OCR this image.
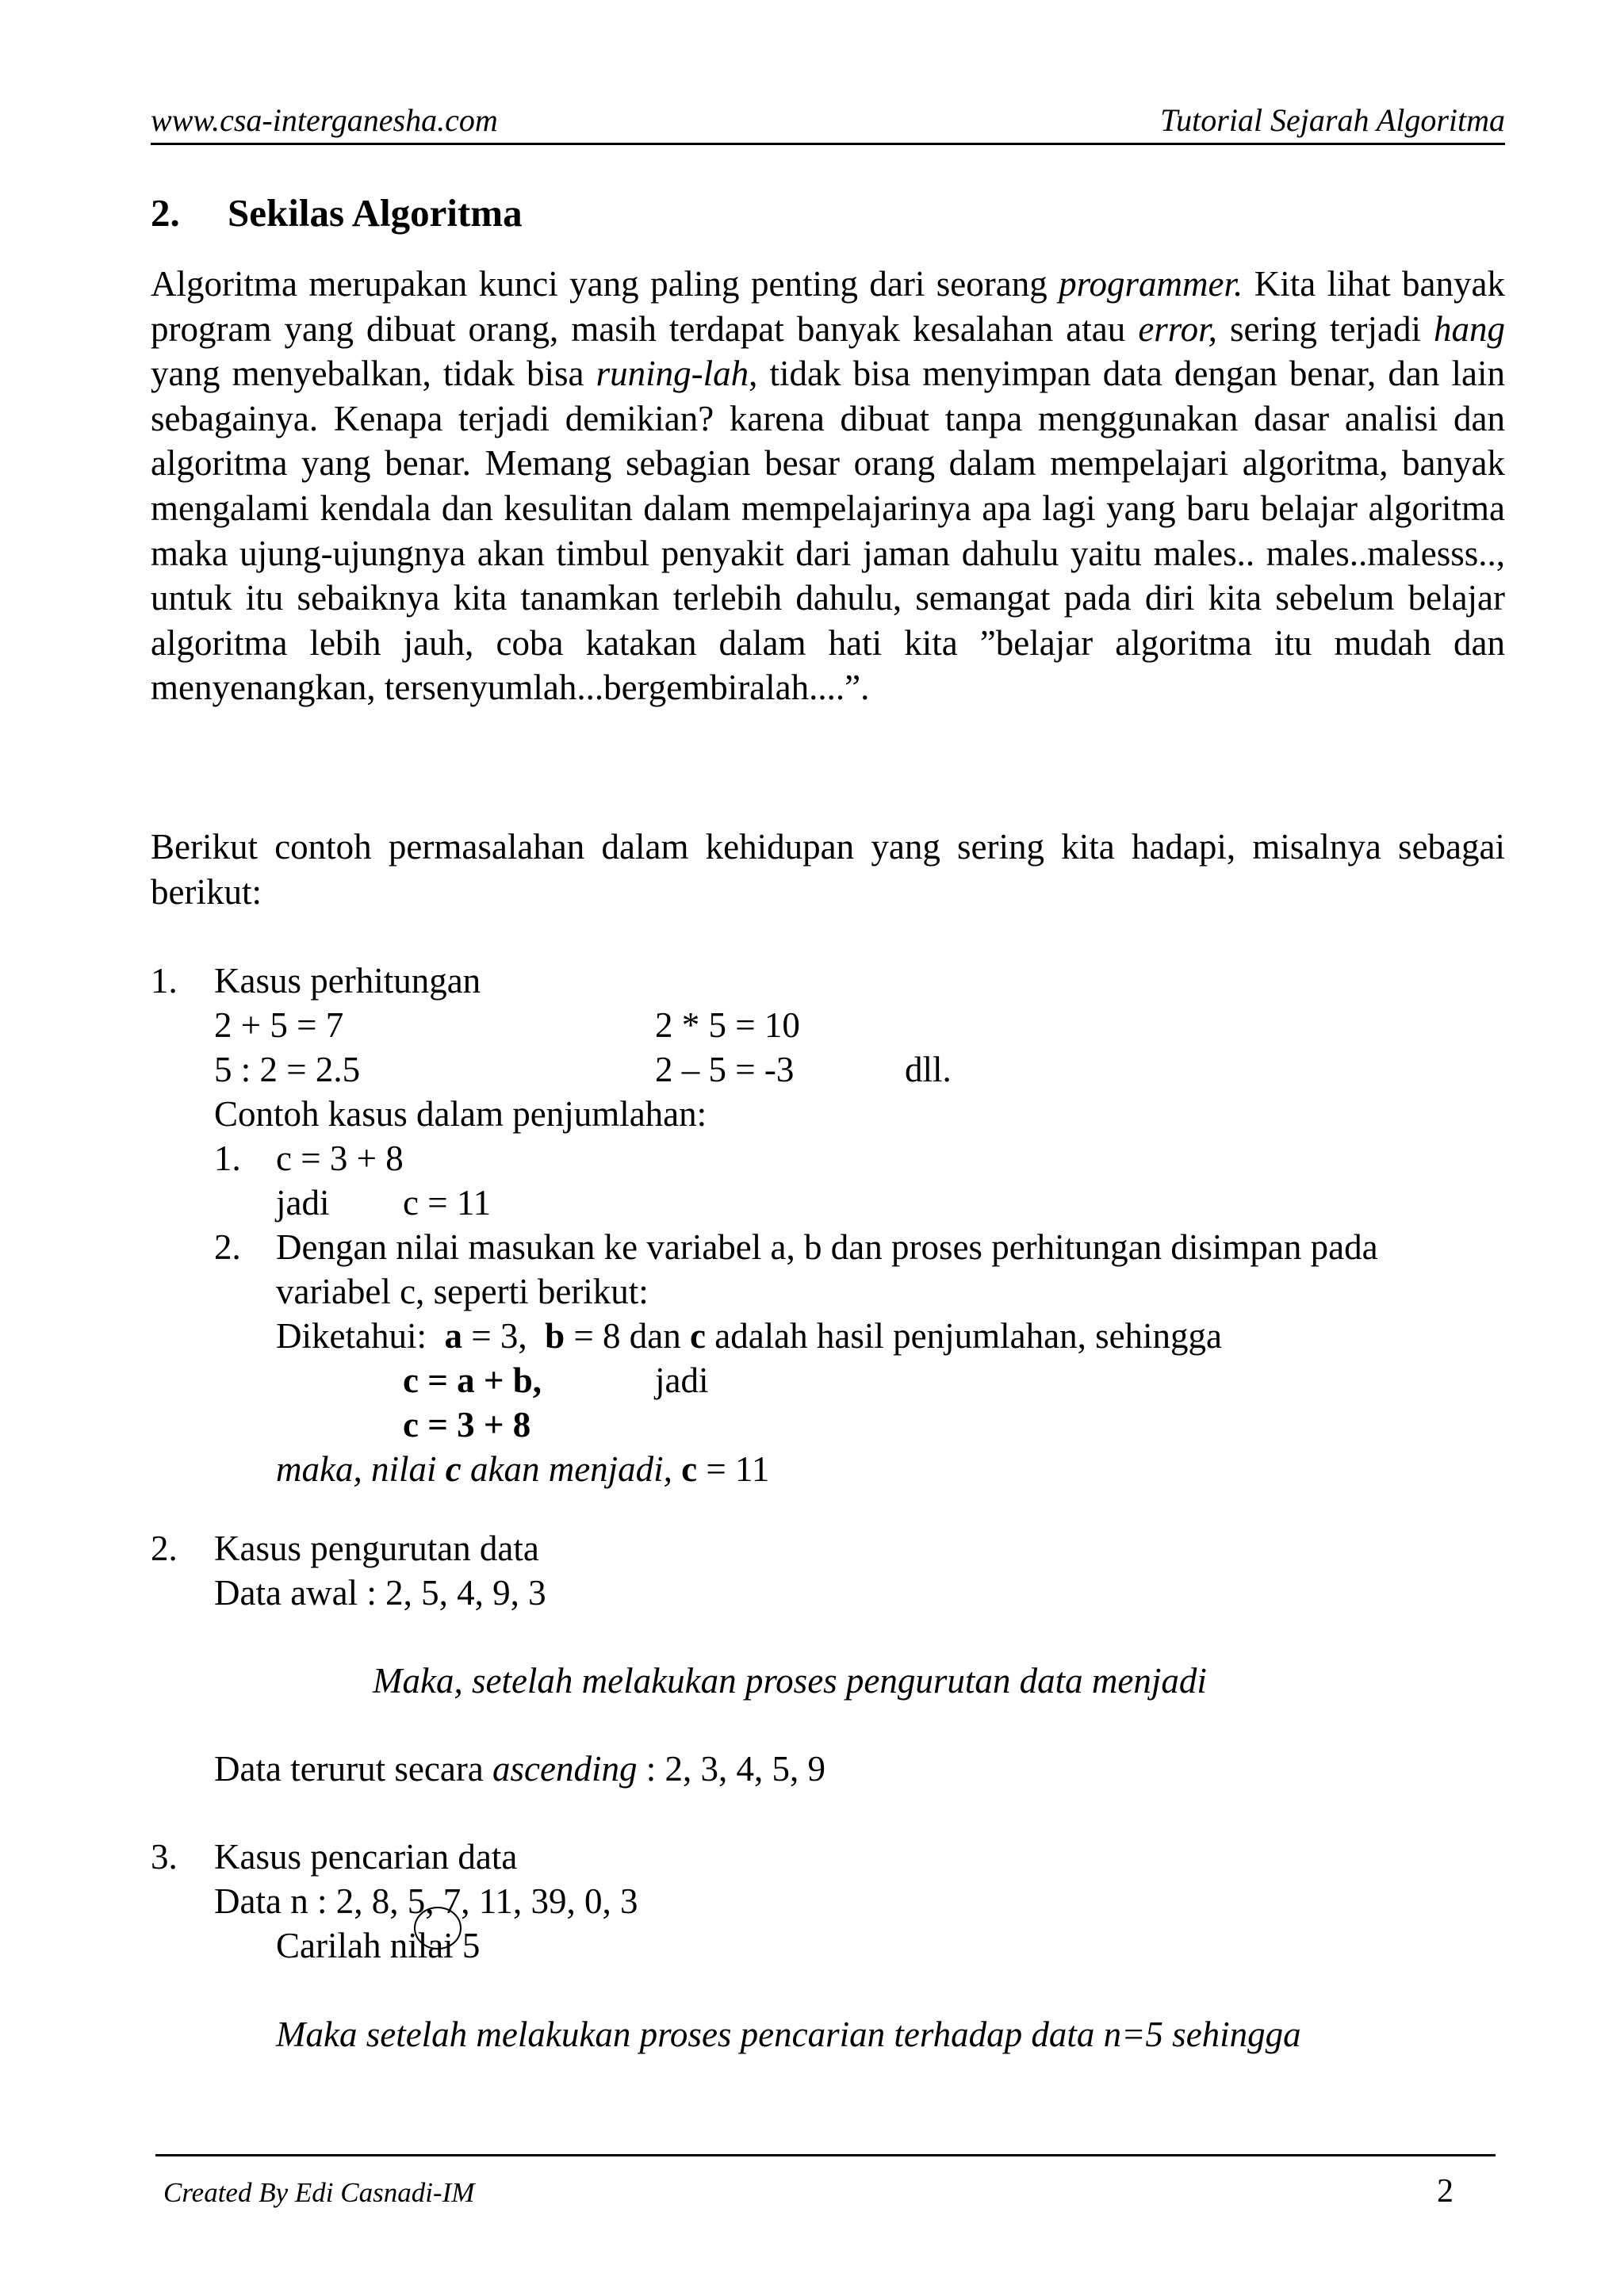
www.csa-interganesha.com	Tutorial Sejarah Algoritma
2. Sekilas Algoritma
Algoritma merupakan kunci yang paling penting dari seorang programmer. Kita lihat banyak program yang dibuat orang, masih terdapat banyak kesalahan atau error, sering terjadi hang yang menyebalkan, tidak bisa runing-lah, tidak bisa menyimpan data dengan benar, dan lain sebagainya. Kenapa terjadi demikian? karena dibuat tanpa menggunakan dasar analisi dan algoritma yang benar. Memang sebagian besar orang dalam mempelajari algoritma, banyak mengalami kendala dan kesulitan dalam mempelajarinya apa lagi yang baru belajar algoritma maka ujung-ujungnya akan timbul penyakit dari jaman dahulu yaitu males.. males..malesss.., untuk itu sebaiknya kita tanamkan terlebih dahulu, semangat pada diri kita sebelum belajar algoritma lebih jauh, coba katakan dalam hati kita ”belajar algoritma itu mudah dan menyenangkan, tersenyumlah...bergembiralah....”.
Berikut contoh permasalahan dalam kehidupan yang sering kita hadapi, misalnya sebagai berikut:
1. Kasus perhitungan
2 + 5 = 7	2 * 5 = 10
5 : 2 = 2.5	2 – 5 = -3	dll.
Contoh kasus dalam penjumlahan:
1. c = 3 + 8
jadi c = 11
2. Dengan nilai masukan ke variabel a, b dan proses perhitungan disimpan pada
variabel c, seperti berikut:
Diketahui:  a = 3,  b = 8 dan c adalah hasil penjumlahan, sehingga
c = a + b,	jadi
c = 3 + 8
maka, nilai c akan menjadi, c = 11
2. Kasus pengurutan data
Data awal : 2, 5, 4, 9, 3
Maka, setelah melakukan proses pengurutan data menjadi
Data terurut secara ascending : 2, 3, 4, 5, 9
3. Kasus pencarian data
Data n : 2, 8, 5, 7, 11, 39, 0, 3
Carilah nilai 5
Maka setelah melakukan proses pencarian terhadap data n=5 sehingga
Created By Edi Casnadi-IM	2
